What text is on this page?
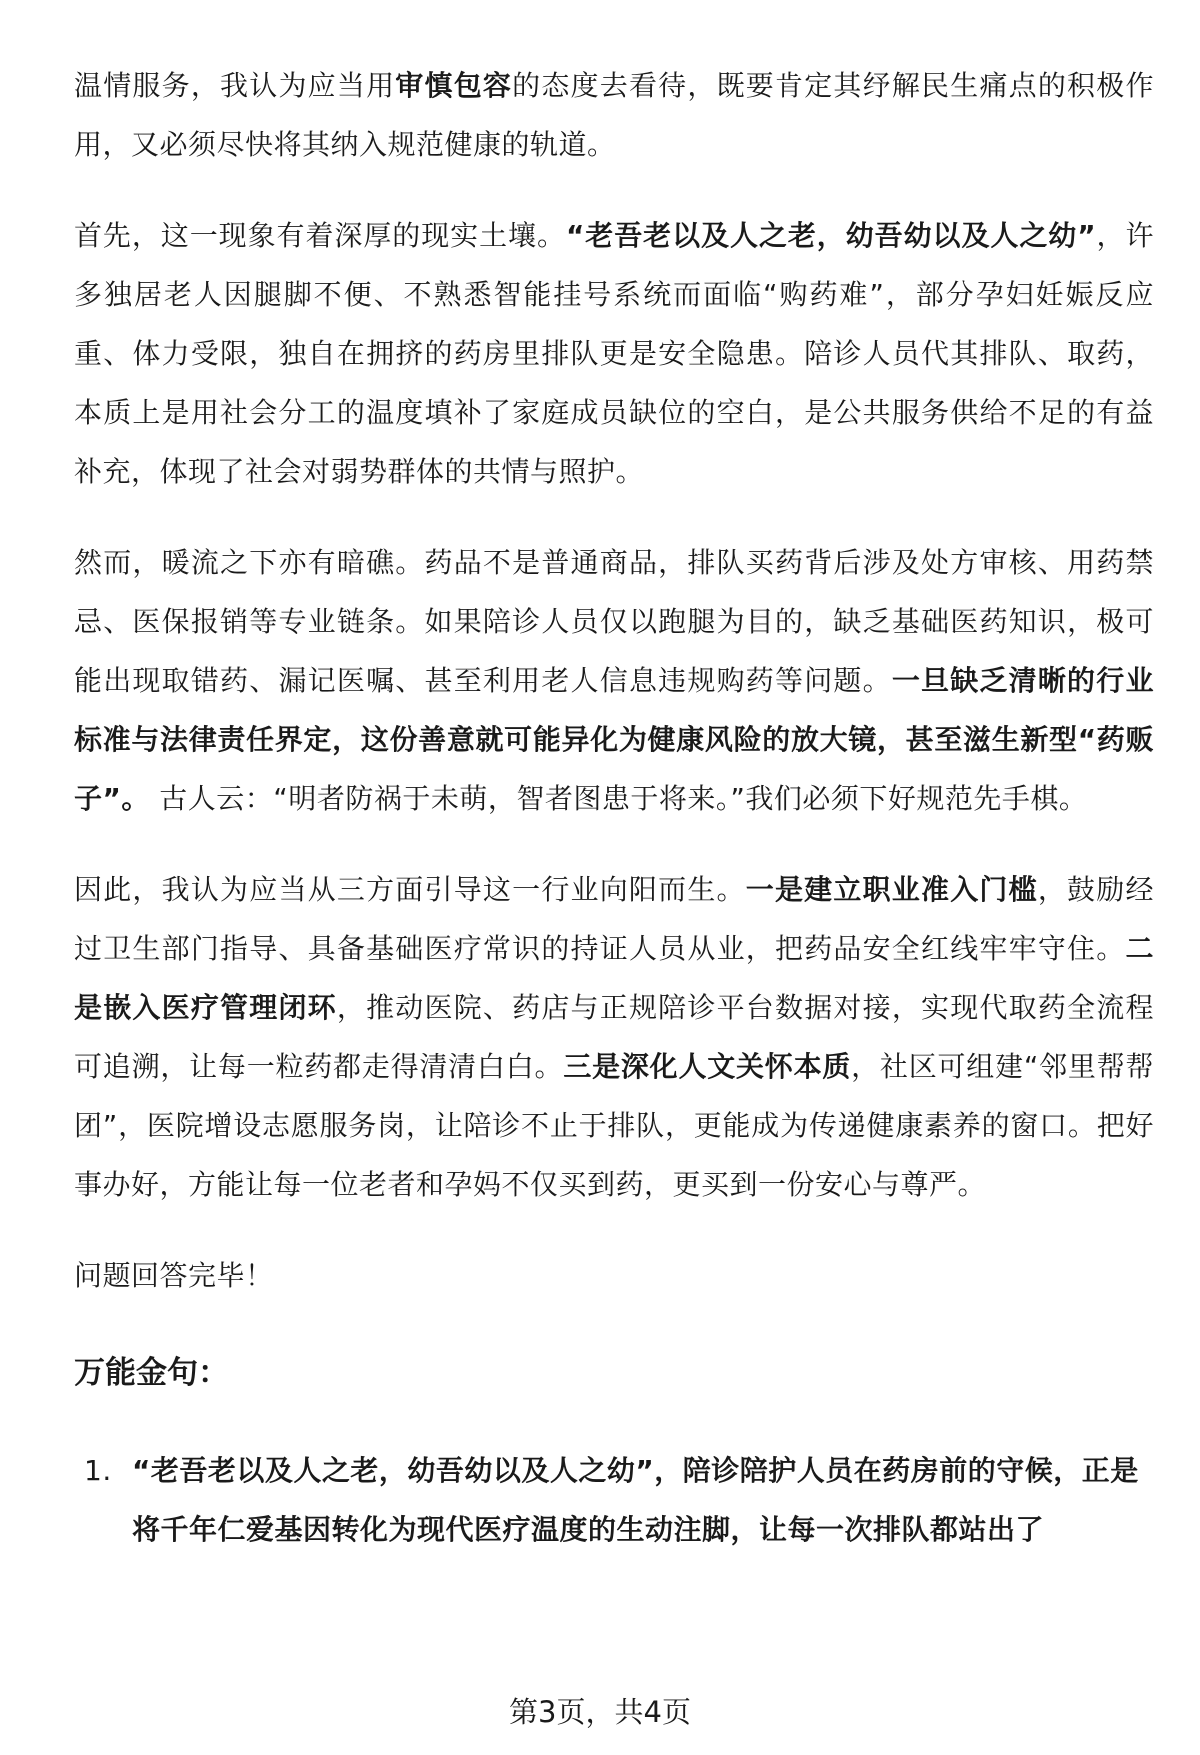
温情服务，我认为应当用审慎包容的态度去看待，既要肯定其纾解民生痛点的积极作用，又必须尽快将其纳入规范健康的轨道。

首先，这一现象有着深厚的现实土壤。“老吾老以及人之老，幼吾幼以及人之幼”，许多独居老人因腿脚不便、不熟悉智能挂号系统而面临“购药难”，部分孕妇妊娠反应重、体力受限，独自在拥挤的药房里排队更是安全隐患。陪诊人员代其排队、取药，本质上是用社会分工的温度填补了家庭成员缺位的空白，是公共服务供给不足的有益补充，体现了社会对弱势群体的共情与照护。

然而，暖流之下亦有暗礁。药品不是普通商品，排队买药背后涉及处方审核、用药禁忌、医保报销等专业链条。如果陪诊人员仅以跑腿为目的，缺乏基础医药知识，极可能出现取错药、漏记医嘱、甚至利用老人信息违规购药等问题。一旦缺乏清晰的行业标准与法律责任界定，这份善意就可能异化为健康风险的放大镜，甚至滋生新型“药贩子”。 古人云：“明者防祸于未萌，智者图患于将来。”我们必须下好规范先手棋。

因此，我认为应当从三方面引导这一行业向阳而生。一是建立职业准入门槛，鼓励经过卫生部门指导、具备基础医疗常识的持证人员从业，把药品安全红线牢牢守住。二是嵌入医疗管理闭环，推动医院、药店与正规陪诊平台数据对接，实现代取药全流程可追溯，让每一粒药都走得清清白白。三是深化人文关怀本质，社区可组建“邻里帮帮团”，医院增设志愿服务岗，让陪诊不止于排队，更能成为传递健康素养的窗口。把好事办好，方能让每一位老者和孕妈不仅买到药，更买到一份安心与尊严。

问题回答完毕！

万能金句：
1. “老吾老以及人之老，幼吾幼以及人之幼”，陪诊陪护人员在药房前的守候，正是将千年仁爱基因转化为现代医疗温度的生动注脚，让每一次排队都站出了
第3页，共4页
